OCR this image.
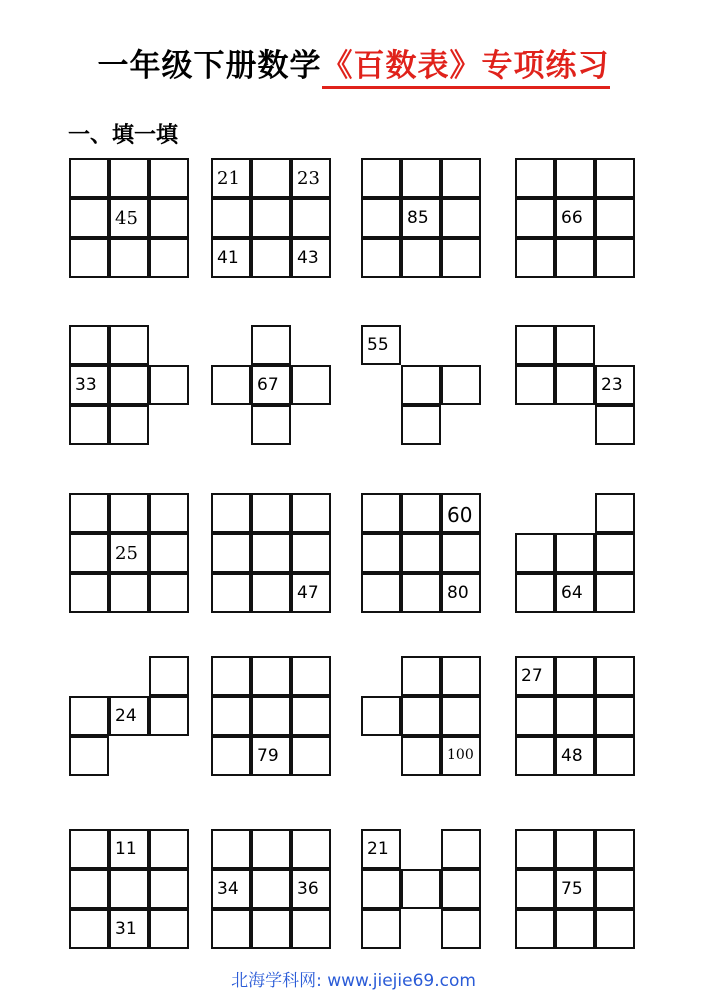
一年级下册数学《百数表》专项练习
一、填一填
45
21	23
41	43
85	66
33	67
55
23
25
47
60
80	64
24
79	100
27
48
11
31
34	36
21
75
北海学科网: www.jiejie69.com
